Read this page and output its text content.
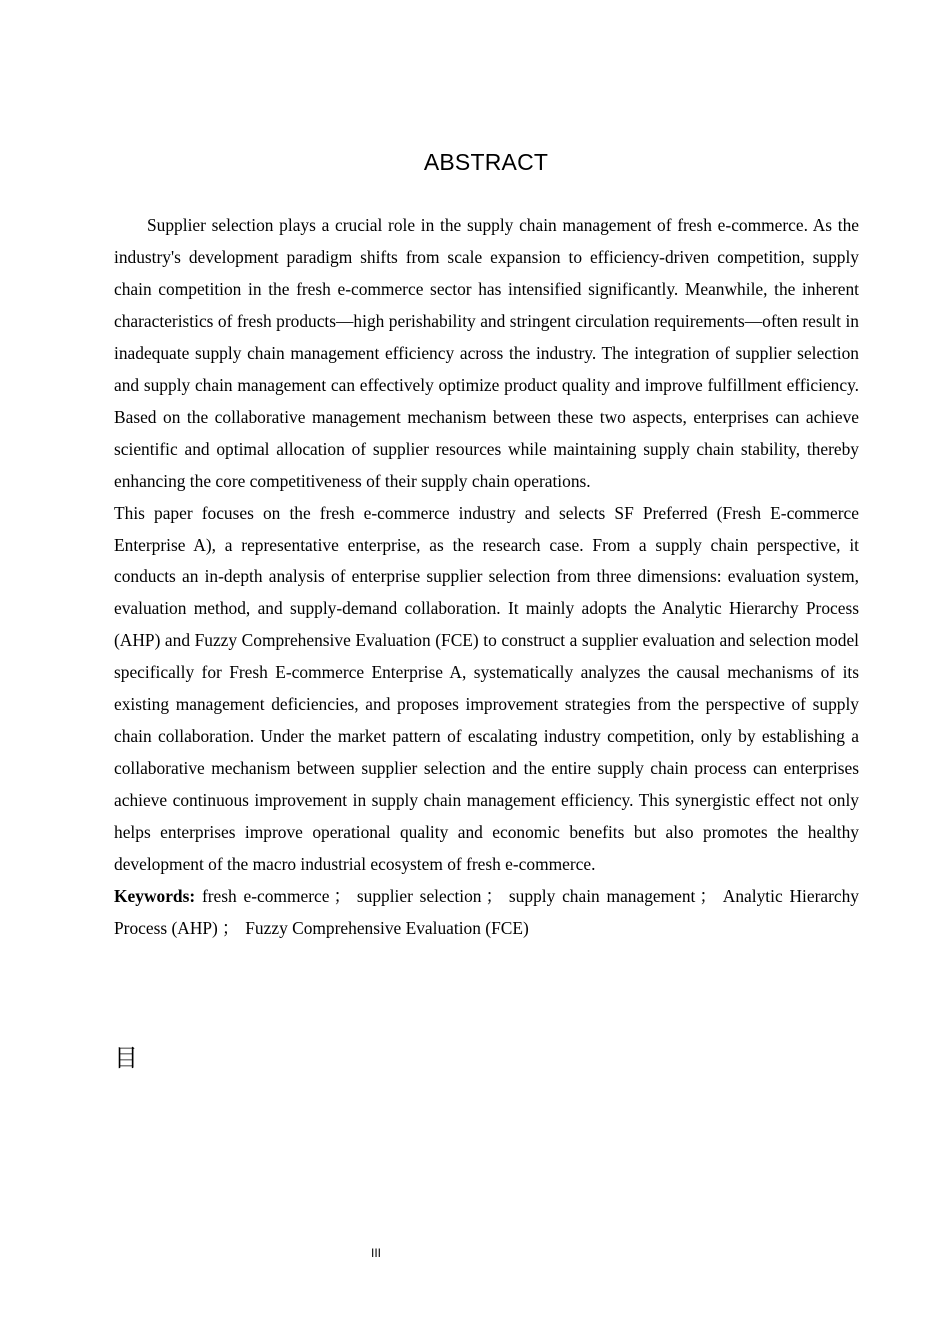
ABSTRACT

Supplier selection plays a crucial role in the supply chain management of fresh e-commerce. As the industry's development paradigm shifts from scale expansion to efficiency-driven competition, supply chain competition in the fresh e-commerce sector has intensified significantly. Meanwhile, the inherent characteristics of fresh products—high perishability and stringent circulation requirements—often result in inadequate supply chain management efficiency across the industry. The integration of supplier selection and supply chain management can effectively optimize product quality and improve fulfillment efficiency. Based on the collaborative management mechanism between these two aspects, enterprises can achieve scientific and optimal allocation of supplier resources while maintaining supply chain stability, thereby enhancing the core competitiveness of their supply chain operations.

This paper focuses on the fresh e-commerce industry and selects SF Preferred (Fresh E-commerce Enterprise A), a representative enterprise, as the research case. From a supply chain perspective, it conducts an in-depth analysis of enterprise supplier selection from three dimensions: evaluation system, evaluation method, and supply-demand collaboration. It mainly adopts the Analytic Hierarchy Process (AHP) and Fuzzy Comprehensive Evaluation (FCE) to construct a supplier evaluation and selection model specifically for Fresh E-commerce Enterprise A, systematically analyzes the causal mechanisms of its existing management deficiencies, and proposes improvement strategies from the perspective of supply chain collaboration. Under the market pattern of escalating industry competition, only by establishing a collaborative mechanism between supplier selection and the entire supply chain process can enterprises achieve continuous improvement in supply chain management efficiency. This synergistic effect not only helps enterprises improve operational quality and economic benefits but also promotes the healthy development of the macro industrial ecosystem of fresh e-commerce.

Keywords: fresh e-commerce ； supplier selection ； supply chain management ； Analytic Hierarchy Process (AHP) ； Fuzzy Comprehensive Evaluation (FCE)

目
III
